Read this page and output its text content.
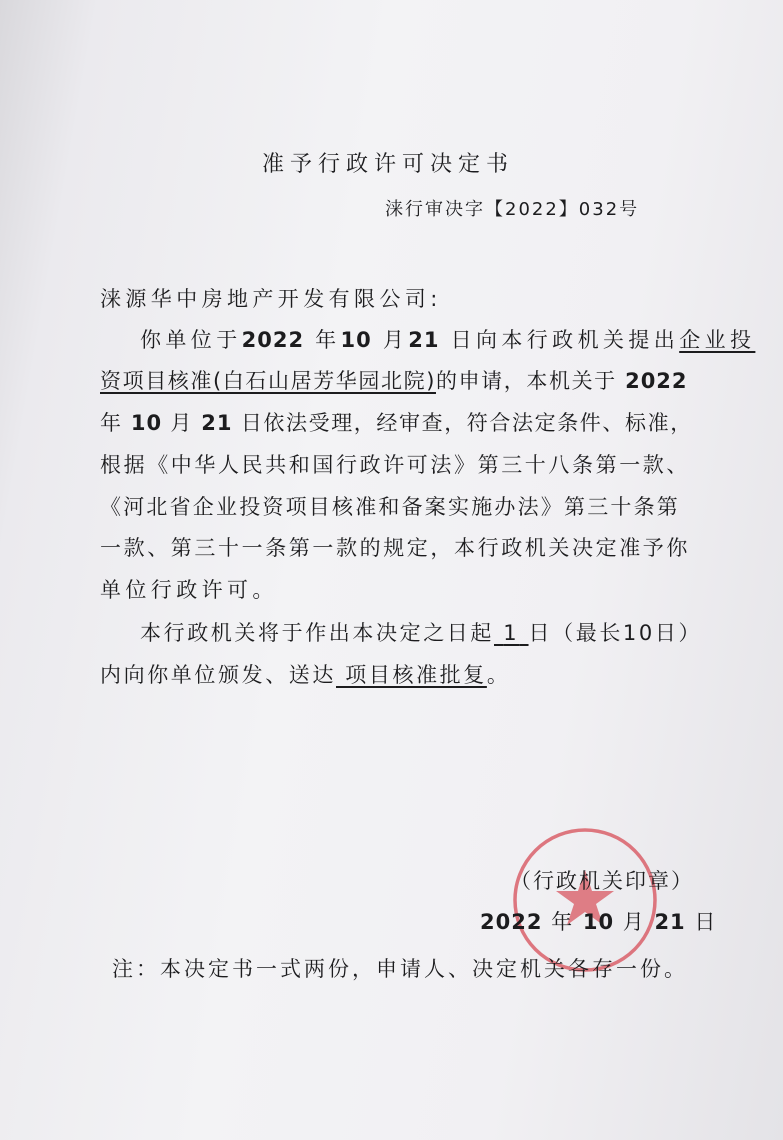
准予行政许可决定书
涞行审决字【2022】032号
涞源华中房地产开发有限公司:
你单位于2022 年10 月21 日向本行政机关提出企业投
资项目核准(白石山居芳华园北院)的申请，本机关于 2022
年 10 月 21 日依法受理，经审查，符合法定条件、标准，
根据《中华人民共和国行政许可法》第三十八条第一款、
《河北省企业投资项目核准和备案实施办法》第三十条第
一款、第三十一条第一款的规定，本行政机关决定准予你
单位行政许可。
本行政机关将于作出本决定之日起 1 日（最长10日）
内向你单位颁发、送达 项目核准批复。
（行政机关印章）
2022 年 10 月 21 日
注：本决定书一式两份，申请人、决定机关各存一份。
